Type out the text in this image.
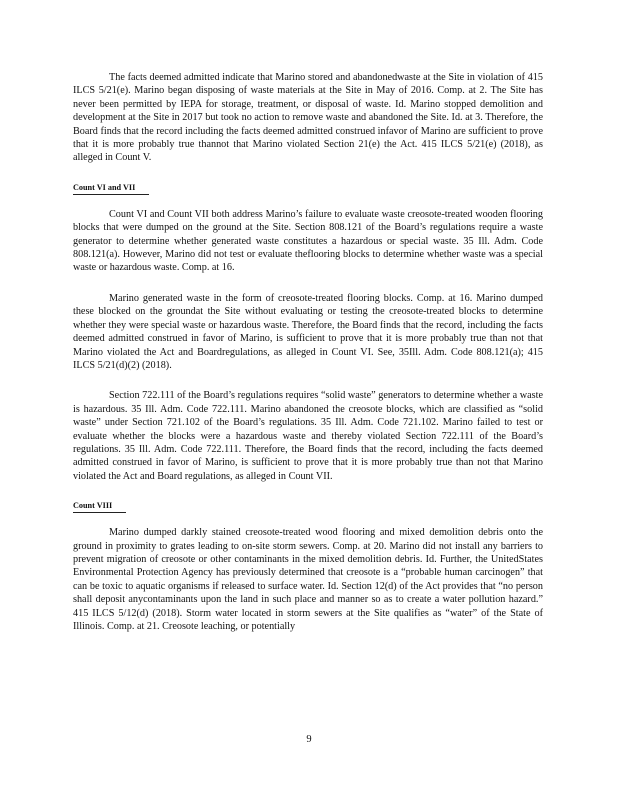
The facts deemed admitted indicate that Marino stored and abandonedwaste at the Site in violation of 415 ILCS 5/21(e). Marino began disposing of waste materials at the Site in May of 2016. Comp. at 2. The Site has never been permitted by IEPA for storage, treatment, or disposal of waste. Id. Marino stopped demolition and development at the Site in 2017 but took no action to remove waste and abandoned the Site. Id. at 3. Therefore, the Board finds that the record including the facts deemed admitted construed infavor of Marino are sufficient to prove that it is more probably true thannot that Marino violated Section 21(e) the Act. 415 ILCS 5/21(e) (2018), as alleged in Count V.

Count VI and VII

Count VI and Count VII both address Marino’s failure to evaluate waste creosote-treated wooden flooring blocks that were dumped on the ground at the Site. Section 808.121 of the Board’s regulations require a waste generator to determine whether generated waste constitutes a hazardous or special waste. 35 Ill. Adm. Code 808.121(a). However, Marino did not test or evaluate theflooring blocks to determine whether waste was a special waste or hazardous waste. Comp. at 16.

Marino generated waste in the form of creosote-treated flooring blocks. Comp. at 16. Marino dumped these blocked on the groundat the Site without evaluating or testing the creosote-treated blocks to determine whether they were special waste or hazardous waste. Therefore, the Board finds that the record, including the facts deemed admitted construed in favor of Marino, is sufficient to prove that it is more probably true than not that Marino violated the Act and Boardregulations, as alleged in Count VI. See, 35Ill. Adm. Code 808.121(a); 415 ILCS 5/21(d)(2) (2018).

Section 722.111 of the Board’s regulations requires “solid waste” generators to determine whether a waste is hazardous. 35 Ill. Adm. Code 722.111. Marino abandoned the creosote blocks, which are classified as “solid waste” under Section 721.102 of the Board’s regulations. 35 Ill. Adm. Code 721.102. Marino failed to test or evaluate whether the blocks were a hazardous waste and thereby violated Section 722.111 of the Board’s regulations. 35 Ill. Adm. Code 722.111. Therefore, the Board finds that the record, including the facts deemed admitted construed in favor of Marino, is sufficient to prove that it is more probably true than not that Marino violated the Act and Board regulations, as alleged in Count VII.

Count VIII

Marino dumped darkly stained creosote-treated wood flooring and mixed demolition debris onto the ground in proximity to grates leading to on-site storm sewers. Comp. at 20. Marino did not install any barriers to prevent migration of creosote or other contaminants in the mixed demolition debris. Id. Further, the UnitedStates Environmental Protection Agency has previously determined that creosote is a “probable human carcinogen” that can be toxic to aquatic organisms if released to surface water. Id. Section 12(d) of the Act provides that “no person shall deposit anycontaminants upon the land in such place and manner so as to create a water pollution hazard.” 415 ILCS 5/12(d) (2018). Storm water located in storm sewers at the Site qualifies as “water” of the State of Illinois. Comp. at 21. Creosote leaching, or potentially

9
